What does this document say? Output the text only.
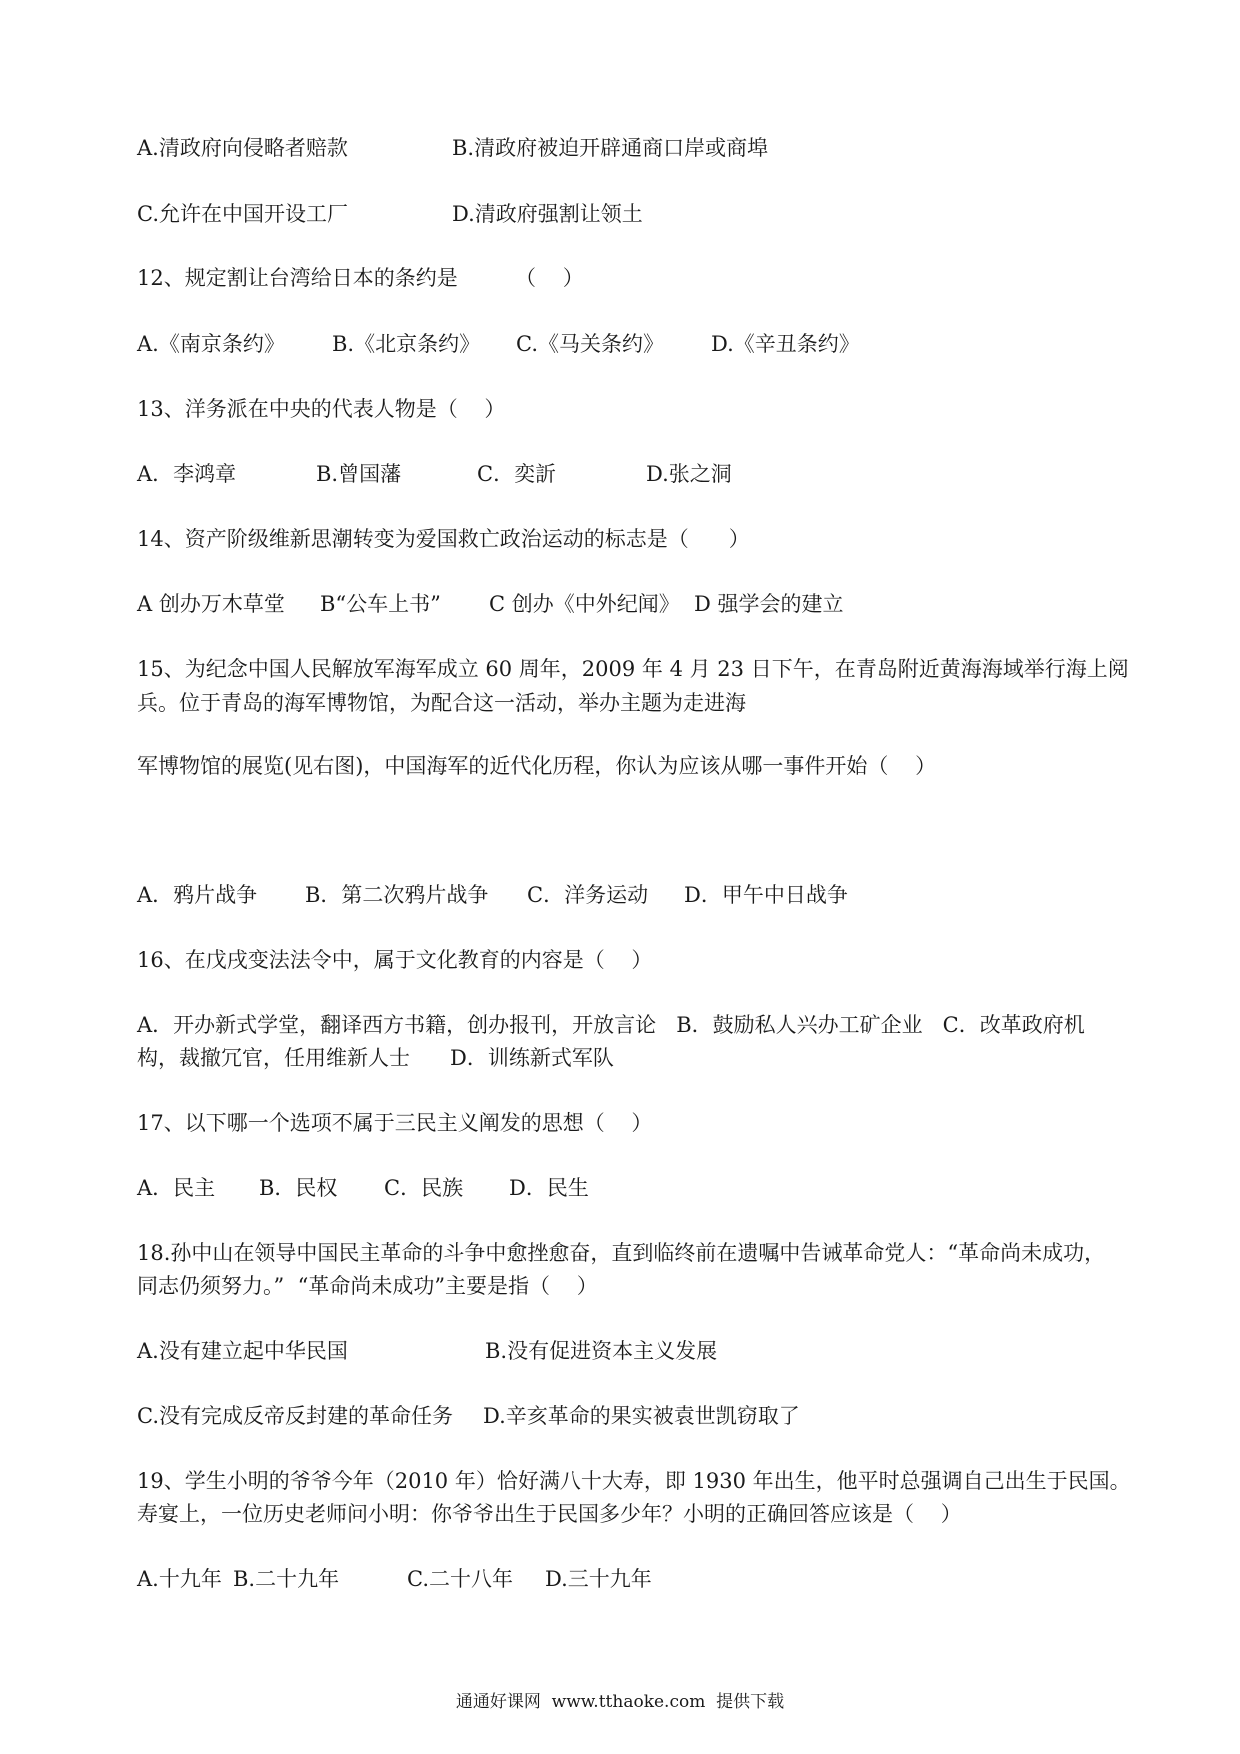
A.清政府向侵略者赔款	B.清政府被迫开辟通商口岸或商埠
C.允许在中国开设工厂	D.清政府强割让领土
12、规定割让台湾给日本的条约是	（    ）
A.《南京条约》 B.《北京条约》 C.《马关条约》 D.《辛丑条约》
13、洋务派在中央的代表人物是（    ）
A．李鸿章	B.曾国藩	C．奕訢	D.张之洞
14、资产阶级维新思潮转变为爱国救亡政治运动的标志是（      ）
A 创办万木草堂 B“公车上书” C 创办《中外纪闻》 D 强学会的建立
15、为纪念中国人民解放军海军成立 60 周年，2009 年 4 月 23 日下午，在青岛附近黄海海域举行海上阅
兵。位于青岛的海军博物馆，为配合这一活动，举办主题为走进海
军博物馆的展览(见右图)，中国海军的近代化历程，你认为应该从哪一事件开始（    ）
A．鸦片战争 B．第二次鸦片战争 C．洋务运动 D．甲午中日战争
16、在戊戌变法法令中，属于文化教育的内容是（    ）
A．开办新式学堂，翻译西方书籍，创办报刊，开放言论   B．鼓励私人兴办工矿企业   C．改革政府机
构，裁撤冗官，任用维新人士      D．训练新式军队
17、以下哪一个选项不属于三民主义阐发的思想（    ）
A．民主 B．民权 C．民族 D．民生
18.孙中山在领导中国民主革命的斗争中愈挫愈奋，直到临终前在遗嘱中告诫革命党人：“革命尚未成功，
同志仍须努力。”  “革命尚未成功”主要是指（    ）
A.没有建立起中华民国	B.没有促进资本主义发展
C.没有完成反帝反封建的革命任务 D.辛亥革命的果实被袁世凯窃取了
19、学生小明的爷爷今年（2010 年）恰好满八十大寿，即 1930 年出生，他平时总强调自己出生于民国。
寿宴上，一位历史老师问小明：你爷爷出生于民国多少年？小明的正确回答应该是（    ）
A.十九年 B.二十九年	C.二十八年 D.三十九年
通通好课网  www.tthaoke.com  提供下载
